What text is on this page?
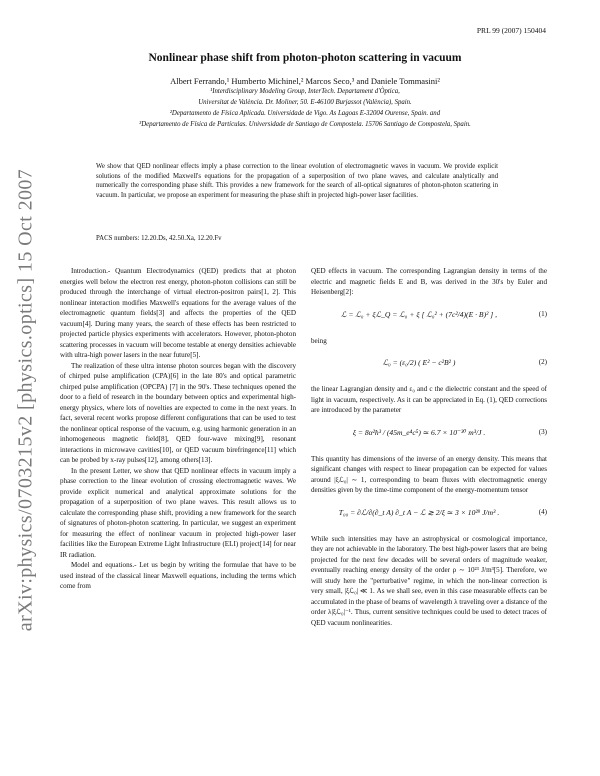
arXiv:physics/0703215v2 [physics.optics] 15 Oct 2007
PRL 99 (2007) 150404
Nonlinear phase shift from photon-photon scattering in vacuum
Albert Ferrando,¹ Humberto Michinel,² Marcos Seco,³ and Daniele Tommasini²
¹Interdisciplinary Modeling Group, InterTech. Departament d'Òptica,
Universitat de València. Dr. Moliner, 50. E-46100 Burjassot (València), Spain.
²Departamento de Física Aplicada. Universidade de Vigo. As Lagoas E-32004 Ourense, Spain. and
³Departamento de Física de Partículas. Universidade de Santiago de Compostela. 15706 Santiago de Compostela, Spain.
We show that QED nonlinear effects imply a phase correction to the linear evolution of electromagnetic waves in vacuum. We provide explicit solutions of the modified Maxwell's equations for the propagation of a superposition of two plane waves, and calculate analytically and numerically the corresponding phase shift. This provides a new framework for the search of all-optical signatures of photon-photon scattering in vacuum. In particular, we propose an experiment for measuring the phase shift in projected high-power laser facilities.
PACS numbers: 12.20.Ds, 42.50.Xa, 12.20.Fv

Introduction.- Quantum Electrodynamics (QED) predicts that at photon energies well below the electron rest energy, photon-photon collisions can still be produced through the interchange of virtual electron-positron pairs[1, 2]. This nonlinear interaction modifies Maxwell's equations for the average values of the electromagnetic quantum fields[3] and affects the properties of the QED vacuum[4]. During many years, the search of these effects has been restricted to projected particle physics experiments with accelerators. However, photon-photon scattering processes in vacuum will become testable at energy densities achievable with ultra-high power lasers in the near future[5].

The realization of these ultra intense photon sources began with the discovery of chirped pulse amplification (CPA)[6] in the late 80's and optical parametric chirped pulse amplification (OPCPA) [7] in the 90's. These techniques opened the door to a field of research in the boundary between optics and experimental high-energy physics, where lots of novelties are expected to come in the next years. In fact, several recent works propose different configurations that can be used to test the nonlinear optical response of the vacuum, e.g. using harmonic generation in an inhomogeneous magnetic field[8], QED four-wave mixing[9], resonant interactions in microwave cavities[10], or QED vacuum birefringence[11] which can be probed by x-ray pulses[12], among others[13].

In the present Letter, we show that QED nonlinear effects in vacuum imply a phase correction to the linear evolution of crossing electromagnetic waves. We provide explicit numerical and analytical approximate solutions for the propagation of a superposition of two plane waves. This result allows us to calculate the corresponding phase shift, providing a new framework for the search of signatures of photon-photon scattering. In particular, we suggest an experiment for measuring the effect of nonlinear vacuum in projected high-power laser facilities like the European Extreme Light Infrastructure (ELI) project[14] for near IR radiation.

Model and equations.- Let us begin by writing the formulae that have to be used instead of the classical linear Maxwell equations, including the terms which come from

QED effects in vacuum. The corresponding Lagrangian density in terms of the electric and magnetic fields E and B, was derived in the 30's by Euler and Heisenberg[2]:

ℒ = ℒ₀ + ξℒ_Q = ℒ₀ + ξ [ ℒ₀² + (7c²/4)(E · B)² ] ,	(1)

being

ℒ₀ = (ε₀/2) ( E² − c²B² )	(2)

the linear Lagrangian density and ε₀ and c the dielectric constant and the speed of light in vacuum, respectively. As it can be appreciated in Eq. (1), QED corrections are introduced by the parameter

ξ = 8α²ħ³ / (45m_e⁴c⁵) ≃ 6.7 × 10⁻³⁰ m³/J .	(3)

This quantity has dimensions of the inverse of an energy density. This means that significant changes with respect to linear propagation can be expected for values around |ξℒ₀| ∼ 1, corresponding to beam fluxes with electromagnetic energy densities given by the time-time component of the energy-momentum tensor

T₀₀ = ∂ℒ/∂(∂_t A) ∂_t A − ℒ ≳ 2/ξ ≃ 3 × 10²⁹ J/m³ .	(4)

While such intensities may have an astrophysical or cosmological importance, they are not achievable in the laboratory. The best high-power lasers that are being projected for the next few decades will be several orders of magnitude weaker, eventually reaching energy density of the order ρ ∼ 10²³ J/m³[5]. Therefore, we will study here the "perturbative" regime, in which the non-linear correction is very small, |ξℒ₀| ≪ 1. As we shall see, even in this case measurable effects can be accumulated in the phase of beams of wavelength λ traveling over a distance of the order λ|ξℒ₀|⁻¹. Thus, current sensitive techniques could be used to detect traces of QED vacuum nonlinearities.
